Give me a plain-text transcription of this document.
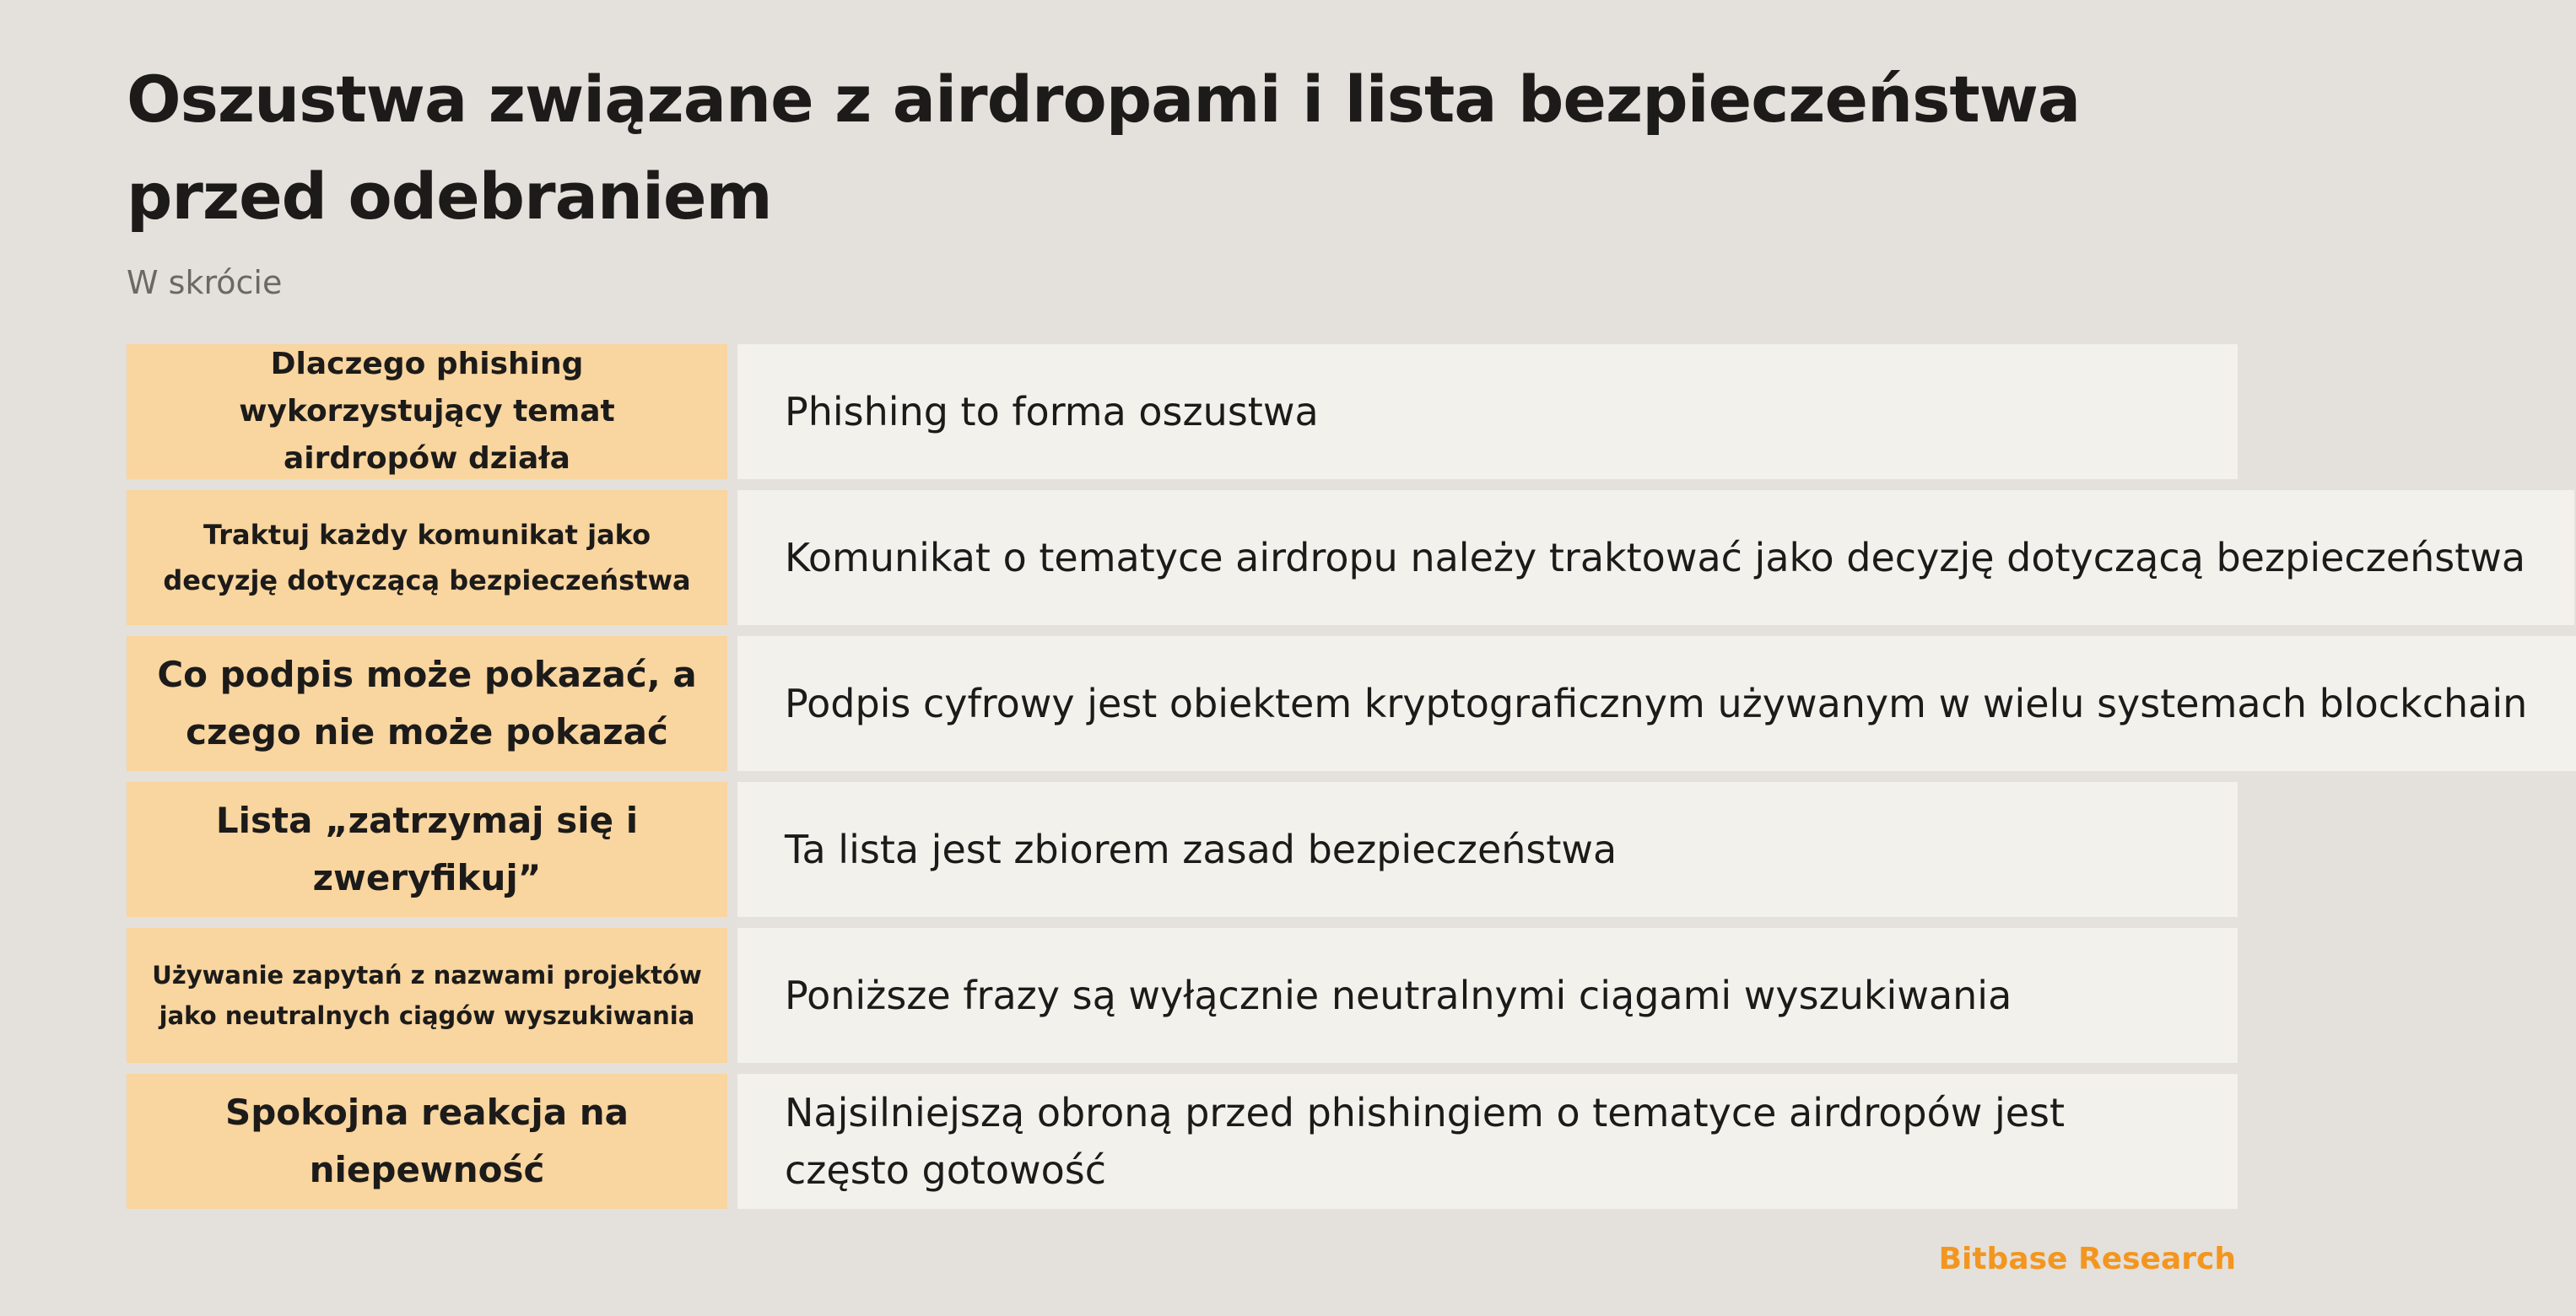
Oszustwa związane z airdropami i lista bezpieczeństwa przed odebraniem
W skrócie
Dlaczego phishing wykorzystujący temat airdropów działa
Phishing to forma oszustwa
Traktuj każdy komunikat jako decyzję dotyczącą bezpieczeństwa	Komunikat o tematyce airdropu należy traktować jako decyzję dotyczącą bezpieczeństwa
Co podpis może pokazać, a czego nie może pokazać
Podpis cyfrowy jest obiektem kryptograficznym używanym w wielu systemach blockchain
Lista „zatrzymaj się i zweryfikuj”
Ta lista jest zbiorem zasad bezpieczeństwa
Używanie zapytań z nazwami projektów jako neutralnych ciągów wyszukiwania	Poniższe frazy są wyłącznie neutralnymi ciągami wyszukiwania
Spokojna reakcja na niepewność
Najsilniejszą obroną przed phishingiem o tematyce airdropów jest często gotowość
Bitbase Research
